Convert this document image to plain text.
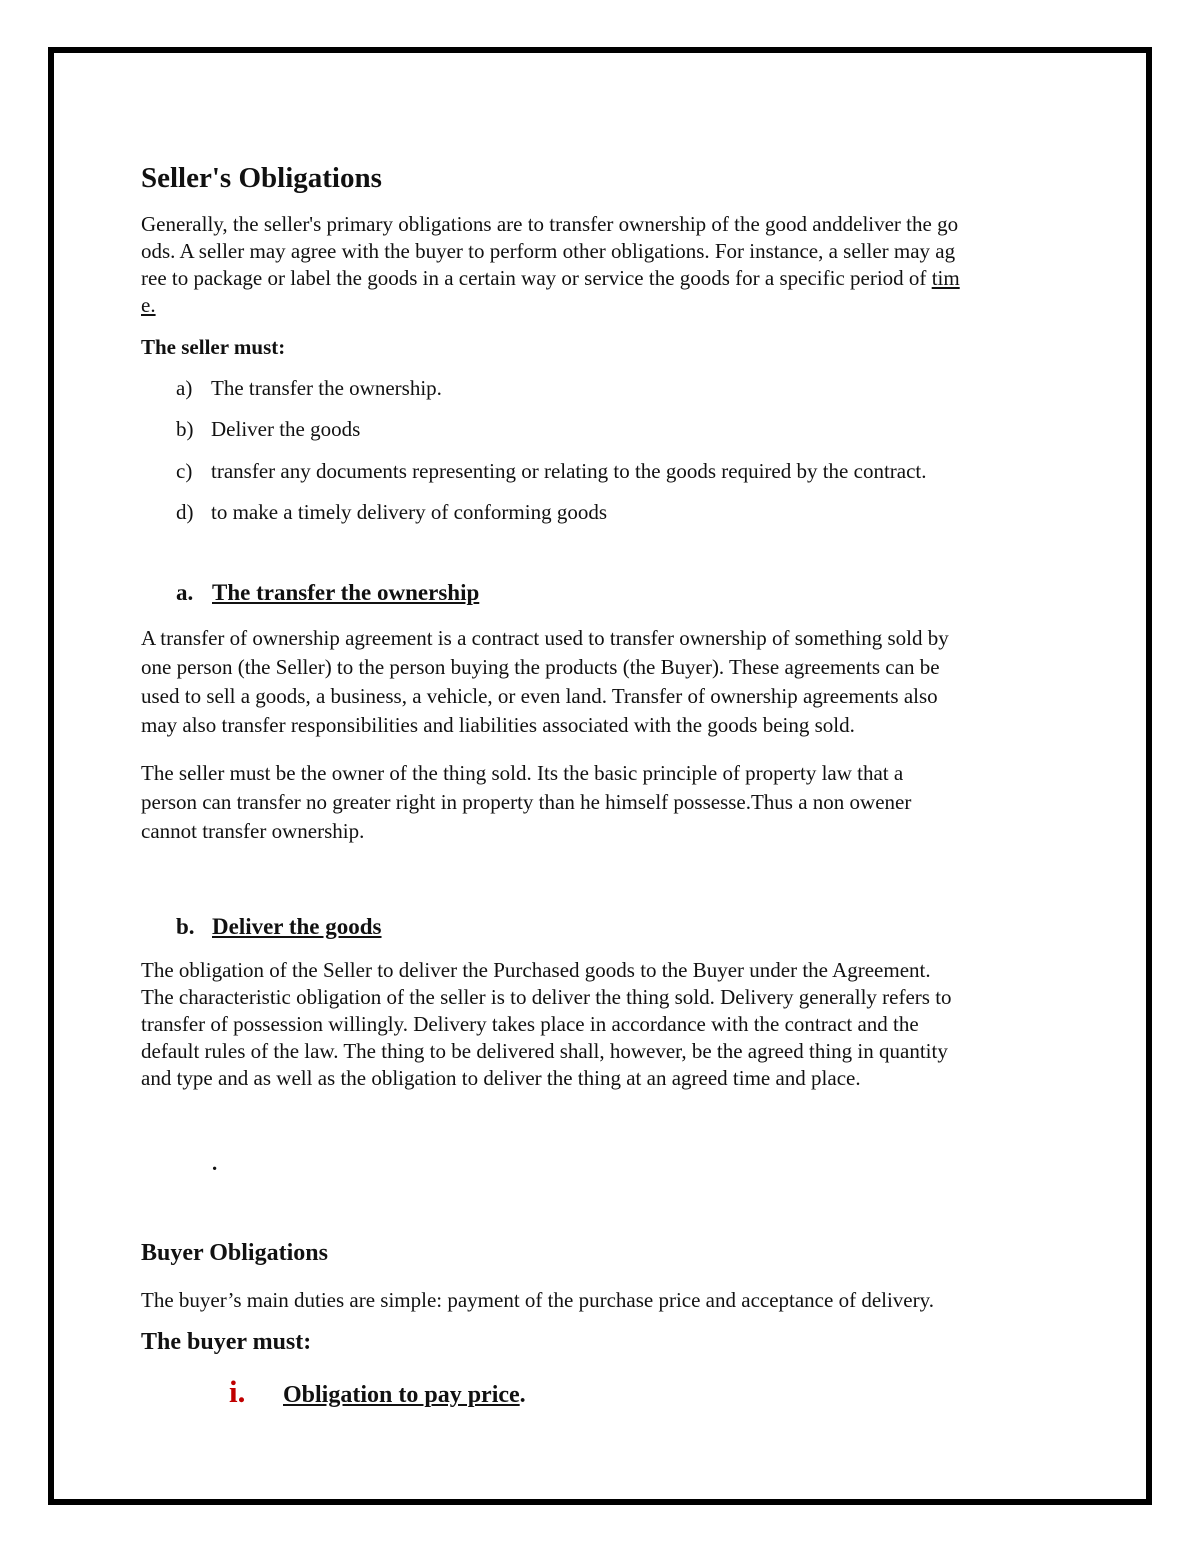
Seller's Obligations
Generally, the seller's primary obligations are to transfer ownership of the good anddeliver the go
ods. A seller may agree with the buyer to perform other obligations. For instance, a seller may ag
ree to package or label the goods in a certain way or service the goods for a specific period of tim
e.
The seller must:
a) The transfer the ownership.
b) Deliver the goods
c) transfer any documents representing or relating to the goods required by the contract.
d) to make a timely delivery of conforming goods
a. The transfer the ownership
A transfer of ownership agreement is a contract used to transfer ownership of something sold by
one person (the Seller) to the person buying the products (the Buyer). These agreements can be
used to sell a goods, a business, a vehicle, or even land. Transfer of ownership agreements also
may also transfer responsibilities and liabilities associated with the goods being sold.
The seller must be the owner of the thing sold. Its the basic principle of property law that a
person can transfer no greater right in property than he himself possesse.Thus a non owener
cannot transfer ownership.
b. Deliver the goods
The obligation of the Seller to deliver the Purchased goods to the Buyer under the Agreement.
The characteristic obligation of the seller is to deliver the thing sold. Delivery generally refers to
transfer of possession willingly. Delivery takes place in accordance with the contract and the
default rules of the law. The thing to be delivered shall, however, be the agreed thing in quantity
and type and as well as the obligation to deliver the thing at an agreed time and place.
.
Buyer Obligations
The buyer’s main duties are simple: payment of the purchase price and acceptance of delivery.
The buyer must:
i. Obligation to pay price.
